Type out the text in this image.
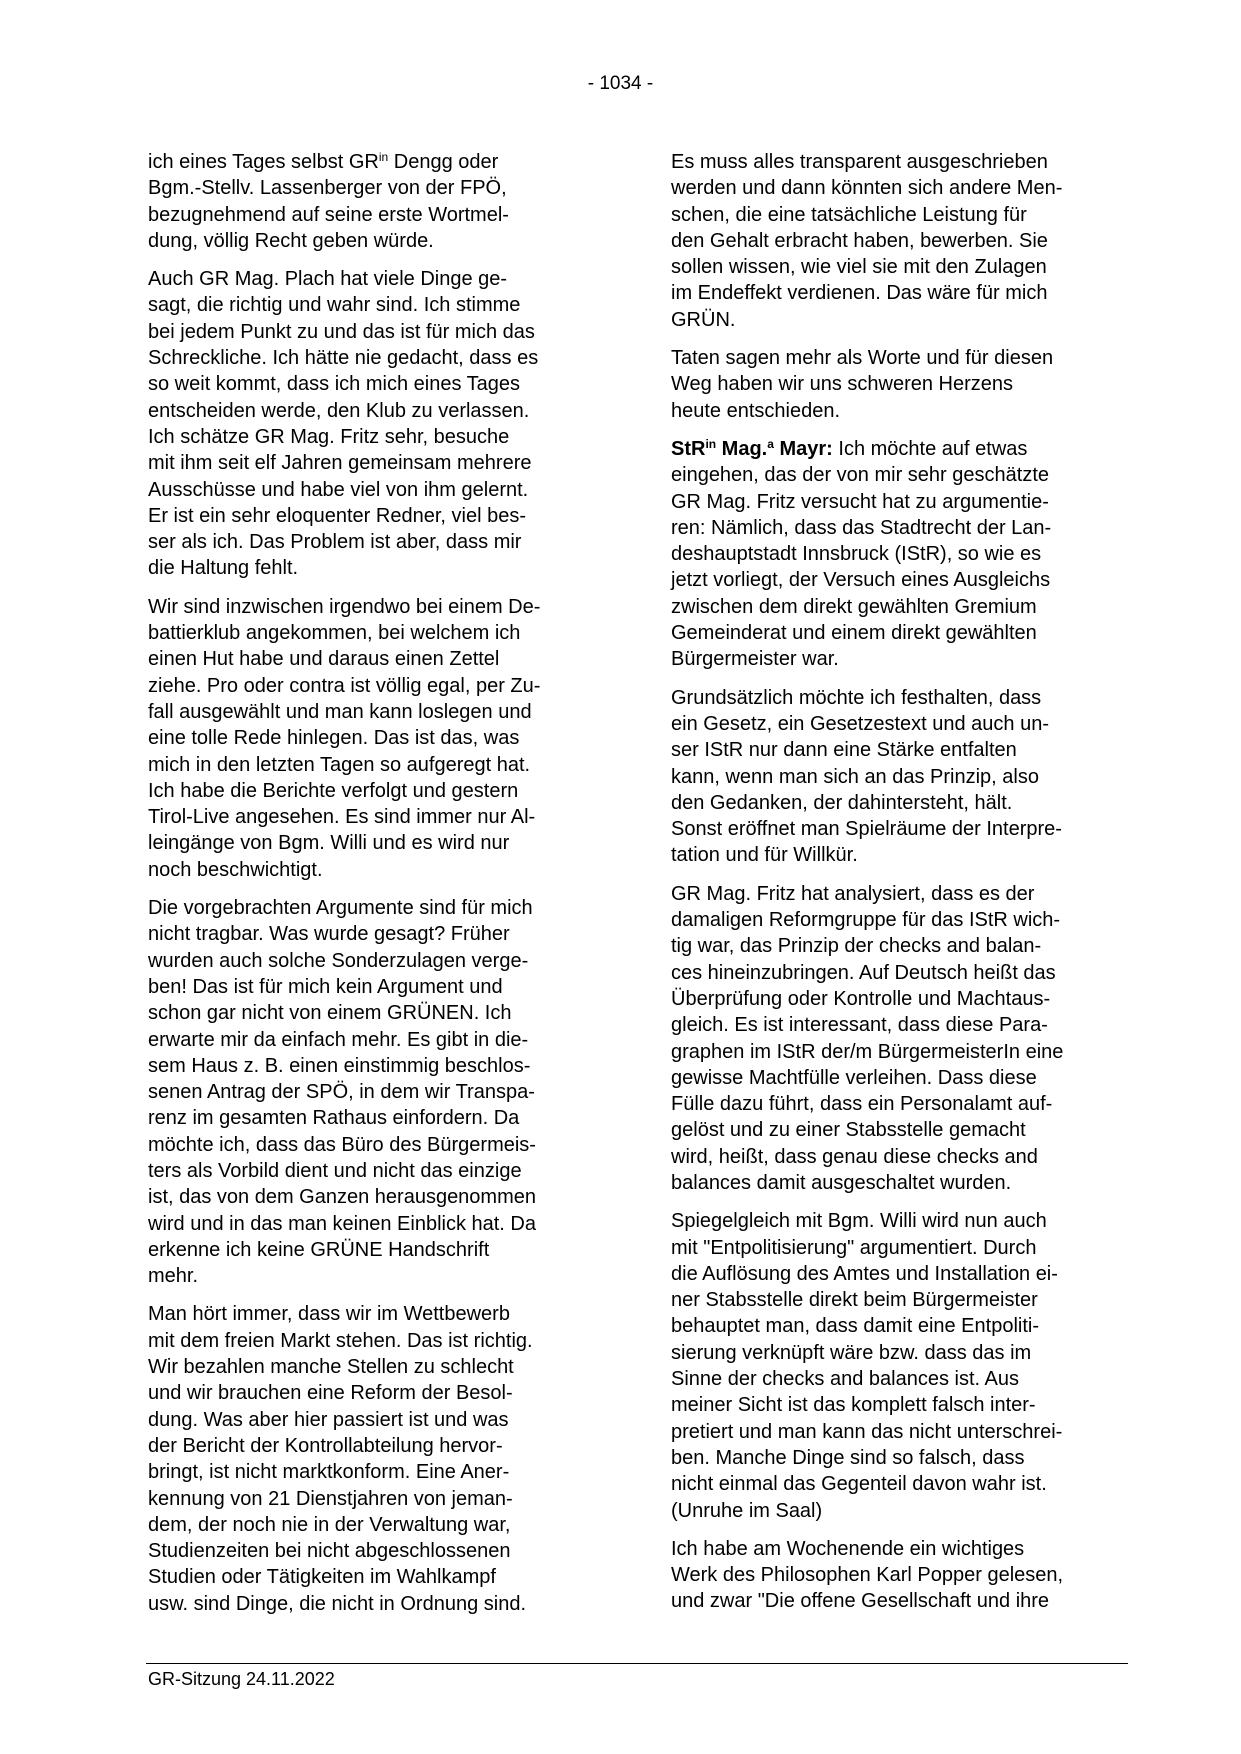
- 1034 -

ich eines Tages selbst $GR^{in}$ Dengg oder
Bgm.-Stellv. Lassenberger von der FPÖ,
bezugnehmend auf seine erste Wortmel-
dung, völlig Recht geben würde.

Auch GR Mag. Plach hat viele Dinge ge-
sagt, die richtig und wahr sind. Ich stimme
bei jedem Punkt zu und das ist für mich das
Schreckliche. Ich hätte nie gedacht, dass es
so weit kommt, dass ich mich eines Tages
entscheiden werde, den Klub zu verlassen.
Ich schätze GR Mag. Fritz sehr, besuche
mit ihm seit elf Jahren gemeinsam mehrere
Ausschüsse und habe viel von ihm gelernt.
Er ist ein sehr eloquenter Redner, viel bes-
ser als ich. Das Problem ist aber, dass mir
die Haltung fehlt.

Wir sind inzwischen irgendwo bei einem De-
battierklub angekommen, bei welchem ich
einen Hut habe und daraus einen Zettel
ziehe. Pro oder contra ist völlig egal, per Zu-
fall ausgewählt und man kann loslegen und
eine tolle Rede hinlegen. Das ist das, was
mich in den letzten Tagen so aufgeregt hat.
Ich habe die Berichte verfolgt und gestern
Tirol-Live angesehen. Es sind immer nur Al-
leingänge von Bgm. Willi und es wird nur
noch beschwichtigt.

Die vorgebrachten Argumente sind für mich
nicht tragbar. Was wurde gesagt? Früher
wurden auch solche Sonderzulagen verge-
ben! Das ist für mich kein Argument und
schon gar nicht von einem GRÜNEN. Ich
erwarte mir da einfach mehr. Es gibt in die-
sem Haus z. B. einen einstimmig beschlos-
senen Antrag der SPÖ, in dem wir Transpa-
renz im gesamten Rathaus einfordern. Da
möchte ich, dass das Büro des Bürgermeis-
ters als Vorbild dient und nicht das einzige
ist, das von dem Ganzen herausgenommen
wird und in das man keinen Einblick hat. Da
erkenne ich keine GRÜNE Handschrift
mehr.

Man hört immer, dass wir im Wettbewerb
mit dem freien Markt stehen. Das ist richtig.
Wir bezahlen manche Stellen zu schlecht
und wir brauchen eine Reform der Besol-
dung. Was aber hier passiert ist und was
der Bericht der Kontrollabteilung hervor-
bringt, ist nicht marktkonform. Eine Aner-
kennung von 21 Dienstjahren von jeman-
dem, der noch nie in der Verwaltung war,
Studienzeiten bei nicht abgeschlossenen
Studien oder Tätigkeiten im Wahlkampf
usw. sind Dinge, die nicht in Ordnung sind.

Es muss alles transparent ausgeschrieben
werden und dann könnten sich andere Men-
schen, die eine tatsächliche Leistung für
den Gehalt erbracht haben, bewerben. Sie
sollen wissen, wie viel sie mit den Zulagen
im Endeffekt verdienen. Das wäre für mich
GRÜN.

Taten sagen mehr als Worte und für diesen
Weg haben wir uns schweren Herzens
heute entschieden.

StR$^{in}$ Mag.$^a$ Mayr: Ich möchte auf etwas
eingehen, das der von mir sehr geschätzte
GR Mag. Fritz versucht hat zu argumentie-
ren: Nämlich, dass das Stadtrecht der Lan-
deshauptstadt Innsbruck (IStR), so wie es
jetzt vorliegt, der Versuch eines Ausgleichs
zwischen dem direkt gewählten Gremium
Gemeinderat und einem direkt gewählten
Bürgermeister war.

Grundsätzlich möchte ich festhalten, dass
ein Gesetz, ein Gesetzestext und auch un-
ser IStR nur dann eine Stärke entfalten
kann, wenn man sich an das Prinzip, also
den Gedanken, der dahintersteht, hält.
Sonst eröffnet man Spielräume der Interpre-
tation und für Willkür.

GR Mag. Fritz hat analysiert, dass es der
damaligen Reformgruppe für das IStR wich-
tig war, das Prinzip der checks and balan-
ces hineinzubringen. Auf Deutsch heißt das
Überprüfung oder Kontrolle und Machtaus-
gleich. Es ist interessant, dass diese Para-
graphen im IStR der/m BürgermeisterIn eine
gewisse Machtfülle verleihen. Dass diese
Fülle dazu führt, dass ein Personalamt auf-
gelöst und zu einer Stabsstelle gemacht
wird, heißt, dass genau diese checks and
balances damit ausgeschaltet wurden.

Spiegelgleich mit Bgm. Willi wird nun auch
mit "Entpolitisierung" argumentiert. Durch
die Auflösung des Amtes und Installation ei-
ner Stabsstelle direkt beim Bürgermeister
behauptet man, dass damit eine Entpoliti-
sierung verknüpft wäre bzw. dass das im
Sinne der checks and balances ist. Aus
meiner Sicht ist das komplett falsch inter-
pretiert und man kann das nicht unterschrei-
ben. Manche Dinge sind so falsch, dass
nicht einmal das Gegenteil davon wahr ist.
(Unruhe im Saal)

Ich habe am Wochenende ein wichtiges
Werk des Philosophen Karl Popper gelesen,
und zwar "Die offene Gesellschaft und ihre

GR-Sitzung 24.11.2022
